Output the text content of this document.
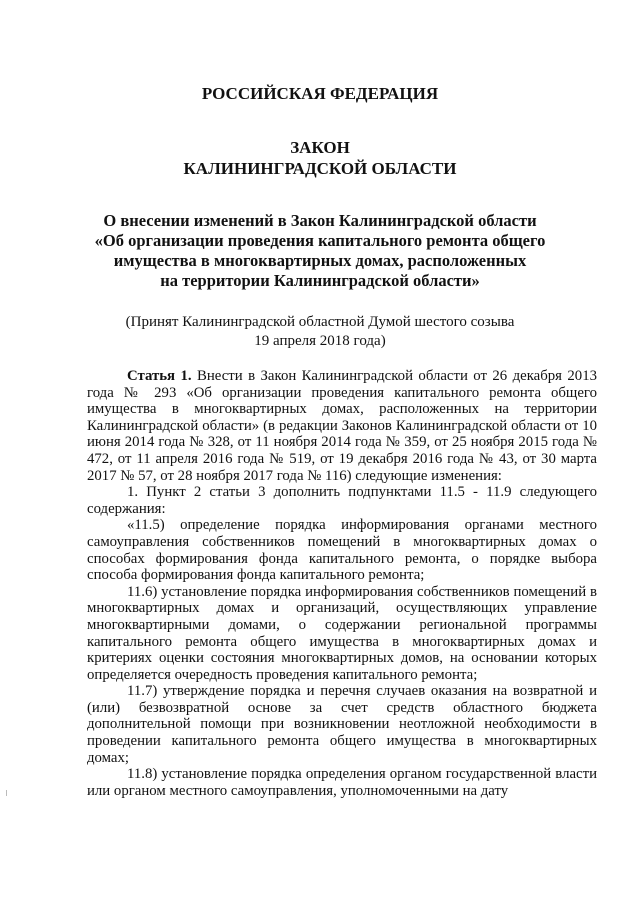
РОССИЙСКАЯ ФЕДЕРАЦИЯ
ЗАКОН
КАЛИНИНГРАДСКОЙ ОБЛАСТИ
О внесении изменений в Закон Калининградской области
«Об организации проведения капитального ремонта общего
имущества в многоквартирных домах, расположенных
на территории Калининградской области»
(Принят Калининградской областной Думой шестого созыва
19 апреля 2018 года)

Статья 1. Внести в Закон Калининградской области от 26 декабря 2013 года № 293 «Об организации проведения капитального ремонта общего имущества в многоквартирных домах, расположенных на территории Калининградской области» (в редакции Законов Калининградской области от 10 июня 2014 года № 328, от 11 ноября 2014 года № 359, от 25 ноября 2015 года № 472, от 11 апреля 2016 года № 519, от 19 декабря 2016 года № 43, от 30 марта 2017 № 57, от 28 ноября 2017 года № 116) следующие изменения:

1. Пункт 2 статьи 3 дополнить подпунктами 11.5 - 11.9 следующего содержания:

«11.5) определение порядка информирования органами местного самоуправления собственников помещений в многоквартирных домах о способах формирования фонда капитального ремонта, о порядке выбора способа формирования фонда капитального ремонта;

11.6) установление порядка информирования собственников помещений в многоквартирных домах и организаций, осуществляющих управление многоквартирными домами, о содержании региональной программы капитального ремонта общего имущества в многоквартирных домах и критериях оценки состояния многоквартирных домов, на основании которых определяется очередность проведения капитального ремонта;

11.7) утверждение порядка и перечня случаев оказания на возвратной и (или) безвозвратной основе за счет средств областного бюджета дополнительной помощи при возникновении неотложной необходимости в проведении капитального ремонта общего имущества в многоквартирных домах;

11.8) установление порядка определения органом государственной власти или органом местного самоуправления, уполномоченными на дату
